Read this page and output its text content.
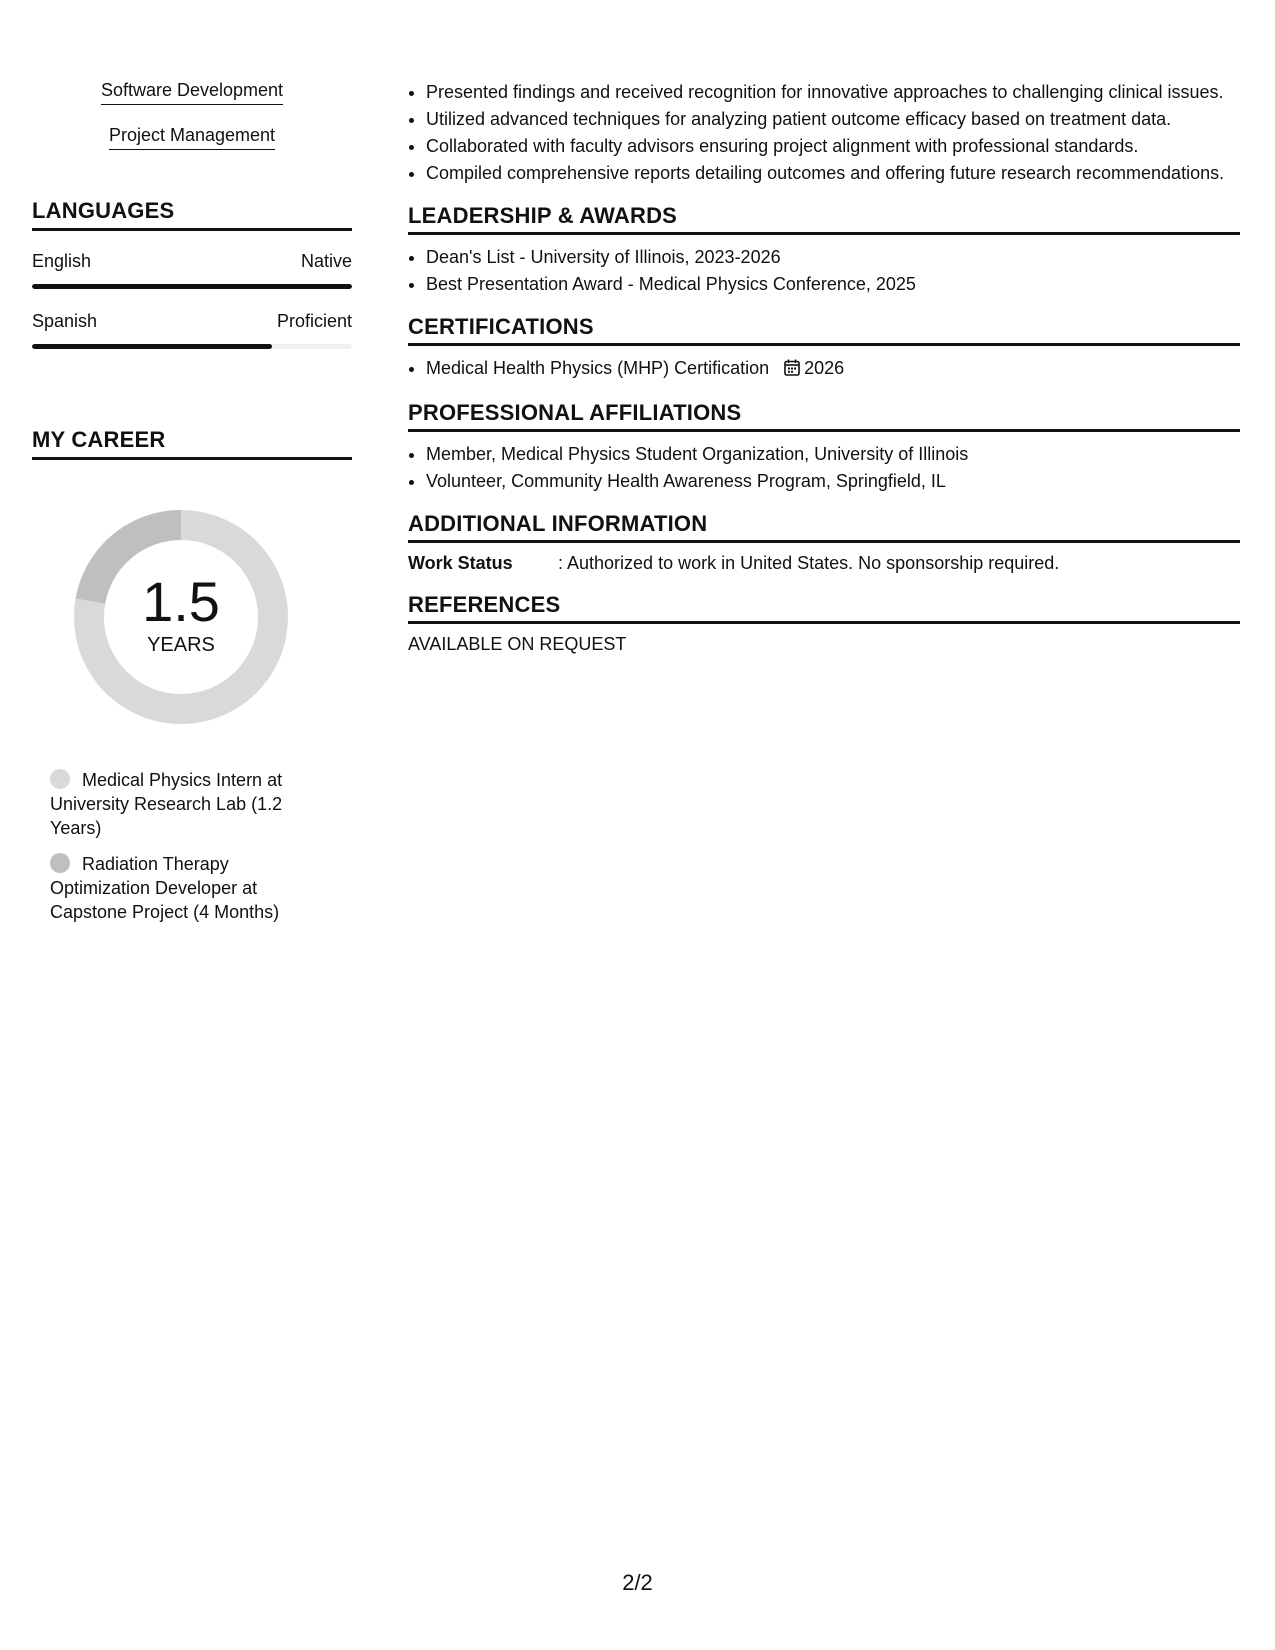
Software Development
Project Management
LANGUAGES
English	Native
Spanish	Proficient
MY CAREER
1.5
YEARS
Medical Physics Intern at University Research Lab (1.2 Years)
Radiation Therapy Optimization Developer at Capstone Project (4 Months)
• Presented findings and received recognition for innovative approaches to challenging clinical issues.
• Utilized advanced techniques for analyzing patient outcome efficacy based on treatment data.
• Collaborated with faculty advisors ensuring project alignment with professional standards.
• Compiled comprehensive reports detailing outcomes and offering future research recommendations.
LEADERSHIP & AWARDS
• Dean's List - University of Illinois, 2023-2026
• Best Presentation Award - Medical Physics Conference, 2025
CERTIFICATIONS
• Medical Health Physics (MHP) Certification 2026
PROFESSIONAL AFFILIATIONS
• Member, Medical Physics Student Organization, University of Illinois
• Volunteer, Community Health Awareness Program, Springfield, IL
ADDITIONAL INFORMATION
Work Status	: Authorized to work in United States. No sponsorship required.
REFERENCES
AVAILABLE ON REQUEST
2/2
